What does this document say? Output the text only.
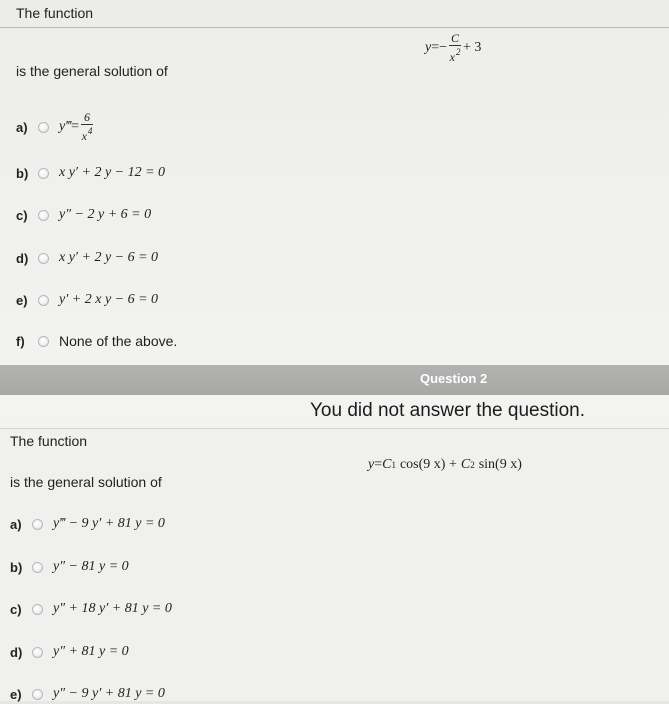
The function
y = − $\frac{C}{x^2} + 3$
is the general solution of
a)	y‴ = $\frac{6}{x^4}$
b)	x y′ + 2 y − 12 = 0
c)	y″ − 2 y + 6 = 0
d)	x y′ + 2 y − 6 = 0
e)	y′ + 2 x y − 6 = 0
f)	None of the above.
Question 2
You did not answer the question.
The function
y = C 1 cos(9 x) + C 2 sin(9 x)
is the general solution of
a)	y‴ − 9 y′ + 81 y = 0
b)	y″ − 81 y = 0
c)	y″ + 18 y′ + 81 y = 0
d)	y″ + 81 y = 0
e)	y″ − 9 y′ + 81 y = 0
